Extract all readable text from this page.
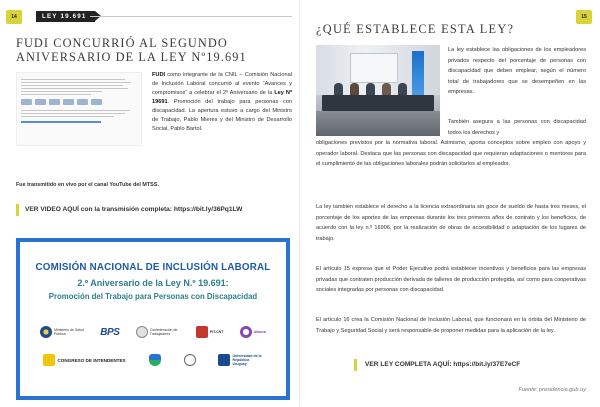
14	LEY 19.691
FUDI CONCURRIÓ AL SEGUNDO ANIVERSARIO DE LA LEY Nº19.691
FUDI como integrante de la CNIL – Comisión Nacional de Inclusión Laboral concurrió al evento “Avances y compromisos” a celebrar el 2º Aniversario de la Ley Nº 19691. Promoción del trabajo para personas con discapacidad. La apertura estuvo a cargo del Ministro de Trabajo, Pablo Mieres y del Ministro de Desarrollo Social, Pablo Bartol.
Fue transmitido en vivo por el canal YouTube del MTSS.
VER VIDEO AQUÍ con la transmisión completa: https://bit.ly/36Pq1LW
COMISIÓN NACIONAL DE INCLUSIÓN LABORAL
2.º Aniversario de la Ley N.º 19.691:
Promoción del Trabajo para Personas con Discapacidad
Ministerio de Salud Pública	BPS	Confederación de Trabajadores	PIT-CNT	Alianza
CONGRESO DE INTENDENTES
Universidad de la República Uruguay
15
¿QUÉ ESTABLECE ESTA LEY?
La ley establece las obligaciones de los empleadores privados respecto del porcentaje de personas con discapacidad que deben emplear, según el número total de trabajadores que se desempeñen en las empresas.
También asegura a las personas con discapacidad todos los derechos y
obligaciones previstos por la normativa laboral. Asimismo, aporta conceptos sobre empleo con apoyo y operador laboral. Destaca que las personas con discapacidad que requieran adaptaciones o mentores para el cumplimiento de las obligaciones laborales podrán solicitarlos al empleador.
La ley también establece el derecho a la licencia extraordinaria sin goce de sueldo de hasta tres meses, el porcentaje de los aportes de las empresas durante los tres primeros años de contrato y los beneficios, de acuerdo con la ley n.º 16906, por la realización de obras de accesibilidad o adaptación de los lugares de trabajo.
El artículo 15 expresa que el Poder Ejecutivo podrá establecer incentivos y beneficios para las empresas privadas que contraten producción derivada de talleres de producción protegida, así como para cooperativas sociales integradas por personas con discapacidad.
El artículo 16 crea la Comisión Nacional de Inclusión Laboral, que funcionará en la órbita del Ministerio de Trabajo y Seguridad Social y será responsable de proponer medidas para la aplicación de la ley.
VER LEY COMPLETA AQUÍ: https://bit.ly/37E7eCF
Fuente: presidencia.gub.uy
